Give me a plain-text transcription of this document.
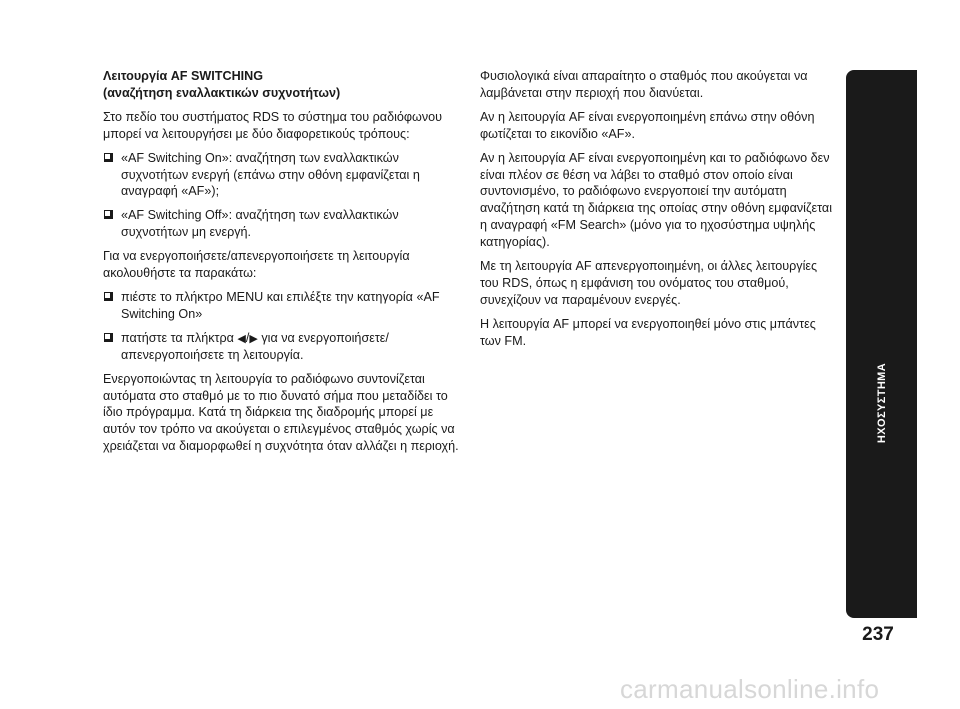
Λειτουργία AF SWITCHING
(αναζήτηση εναλλακτικών συχνοτήτων)

Στο πεδίο του συστήματος RDS το σύστημα του ραδιόφωνου μπορεί να λειτουργήσει με δύο διαφορετικούς τρόπους:

«AF Switching On»: αναζήτηση των εναλλακτικών συχνοτήτων ενεργή (επάνω στην οθόνη εμφανίζεται η αναγραφή «AF»);
«AF Switching Off»: αναζήτηση των εναλλακτικών συχνοτήτων μη ενεργή.

Για να ενεργοποιήσετε/απενεργοποιήσετε τη λειτουργία ακολουθήστε τα παρακάτω:

πιέστε το πλήκτρο MENU και επιλέξτε την κατηγορία «AF Switching On»
πατήστε τα πλήκτρα ◀/▶ για να ενεργοποιήσετε/απενεργοποιήσετε τη λειτουργία.

Ενεργοποιώντας τη λειτουργία το ραδιόφωνο συντονίζεται αυτόματα στο σταθμό με το πιο δυνατό σήμα που μεταδίδει το ίδιο πρόγραμμα. Κατά τη διάρκεια της διαδρομής μπορεί με αυτόν τον τρόπο να ακούγεται ο επιλεγμένος σταθμός χωρίς να χρειάζεται να διαμορφωθεί η συχνότητα όταν αλλάζει η περιοχή.

Φυσιολογικά είναι απαραίτητο ο σταθμός που ακούγεται να λαμβάνεται στην περιοχή που διανύεται.

Αν η λειτουργία AF είναι ενεργοποιημένη επάνω στην οθόνη φωτίζεται το εικονίδιο «AF».

Αν η λειτουργία AF είναι ενεργοποιημένη και το ραδιόφωνο δεν είναι πλέον σε θέση να λάβει το σταθμό στον οποίο είναι συντονισμένο, το ραδιόφωνο ενεργοποιεί την αυτόματη αναζήτηση κατά τη διάρκεια της οποίας στην οθόνη εμφανίζεται η αναγραφή «FM Search» (μόνο για το ηχοσύστημα υψηλής κατηγορίας).

Με τη λειτουργία AF απενεργοποιημένη, οι άλλες λειτουργίες του RDS, όπως η εμφάνιση του ονόματος του σταθμού, συνεχίζουν να παραμένουν ενεργές.

Η λειτουργία AF μπορεί να ενεργοποιηθεί μόνο στις μπάντες των FM.

ΗΧΟΣΥΣΤΗΜΑ
237
carmanualsonline.info
